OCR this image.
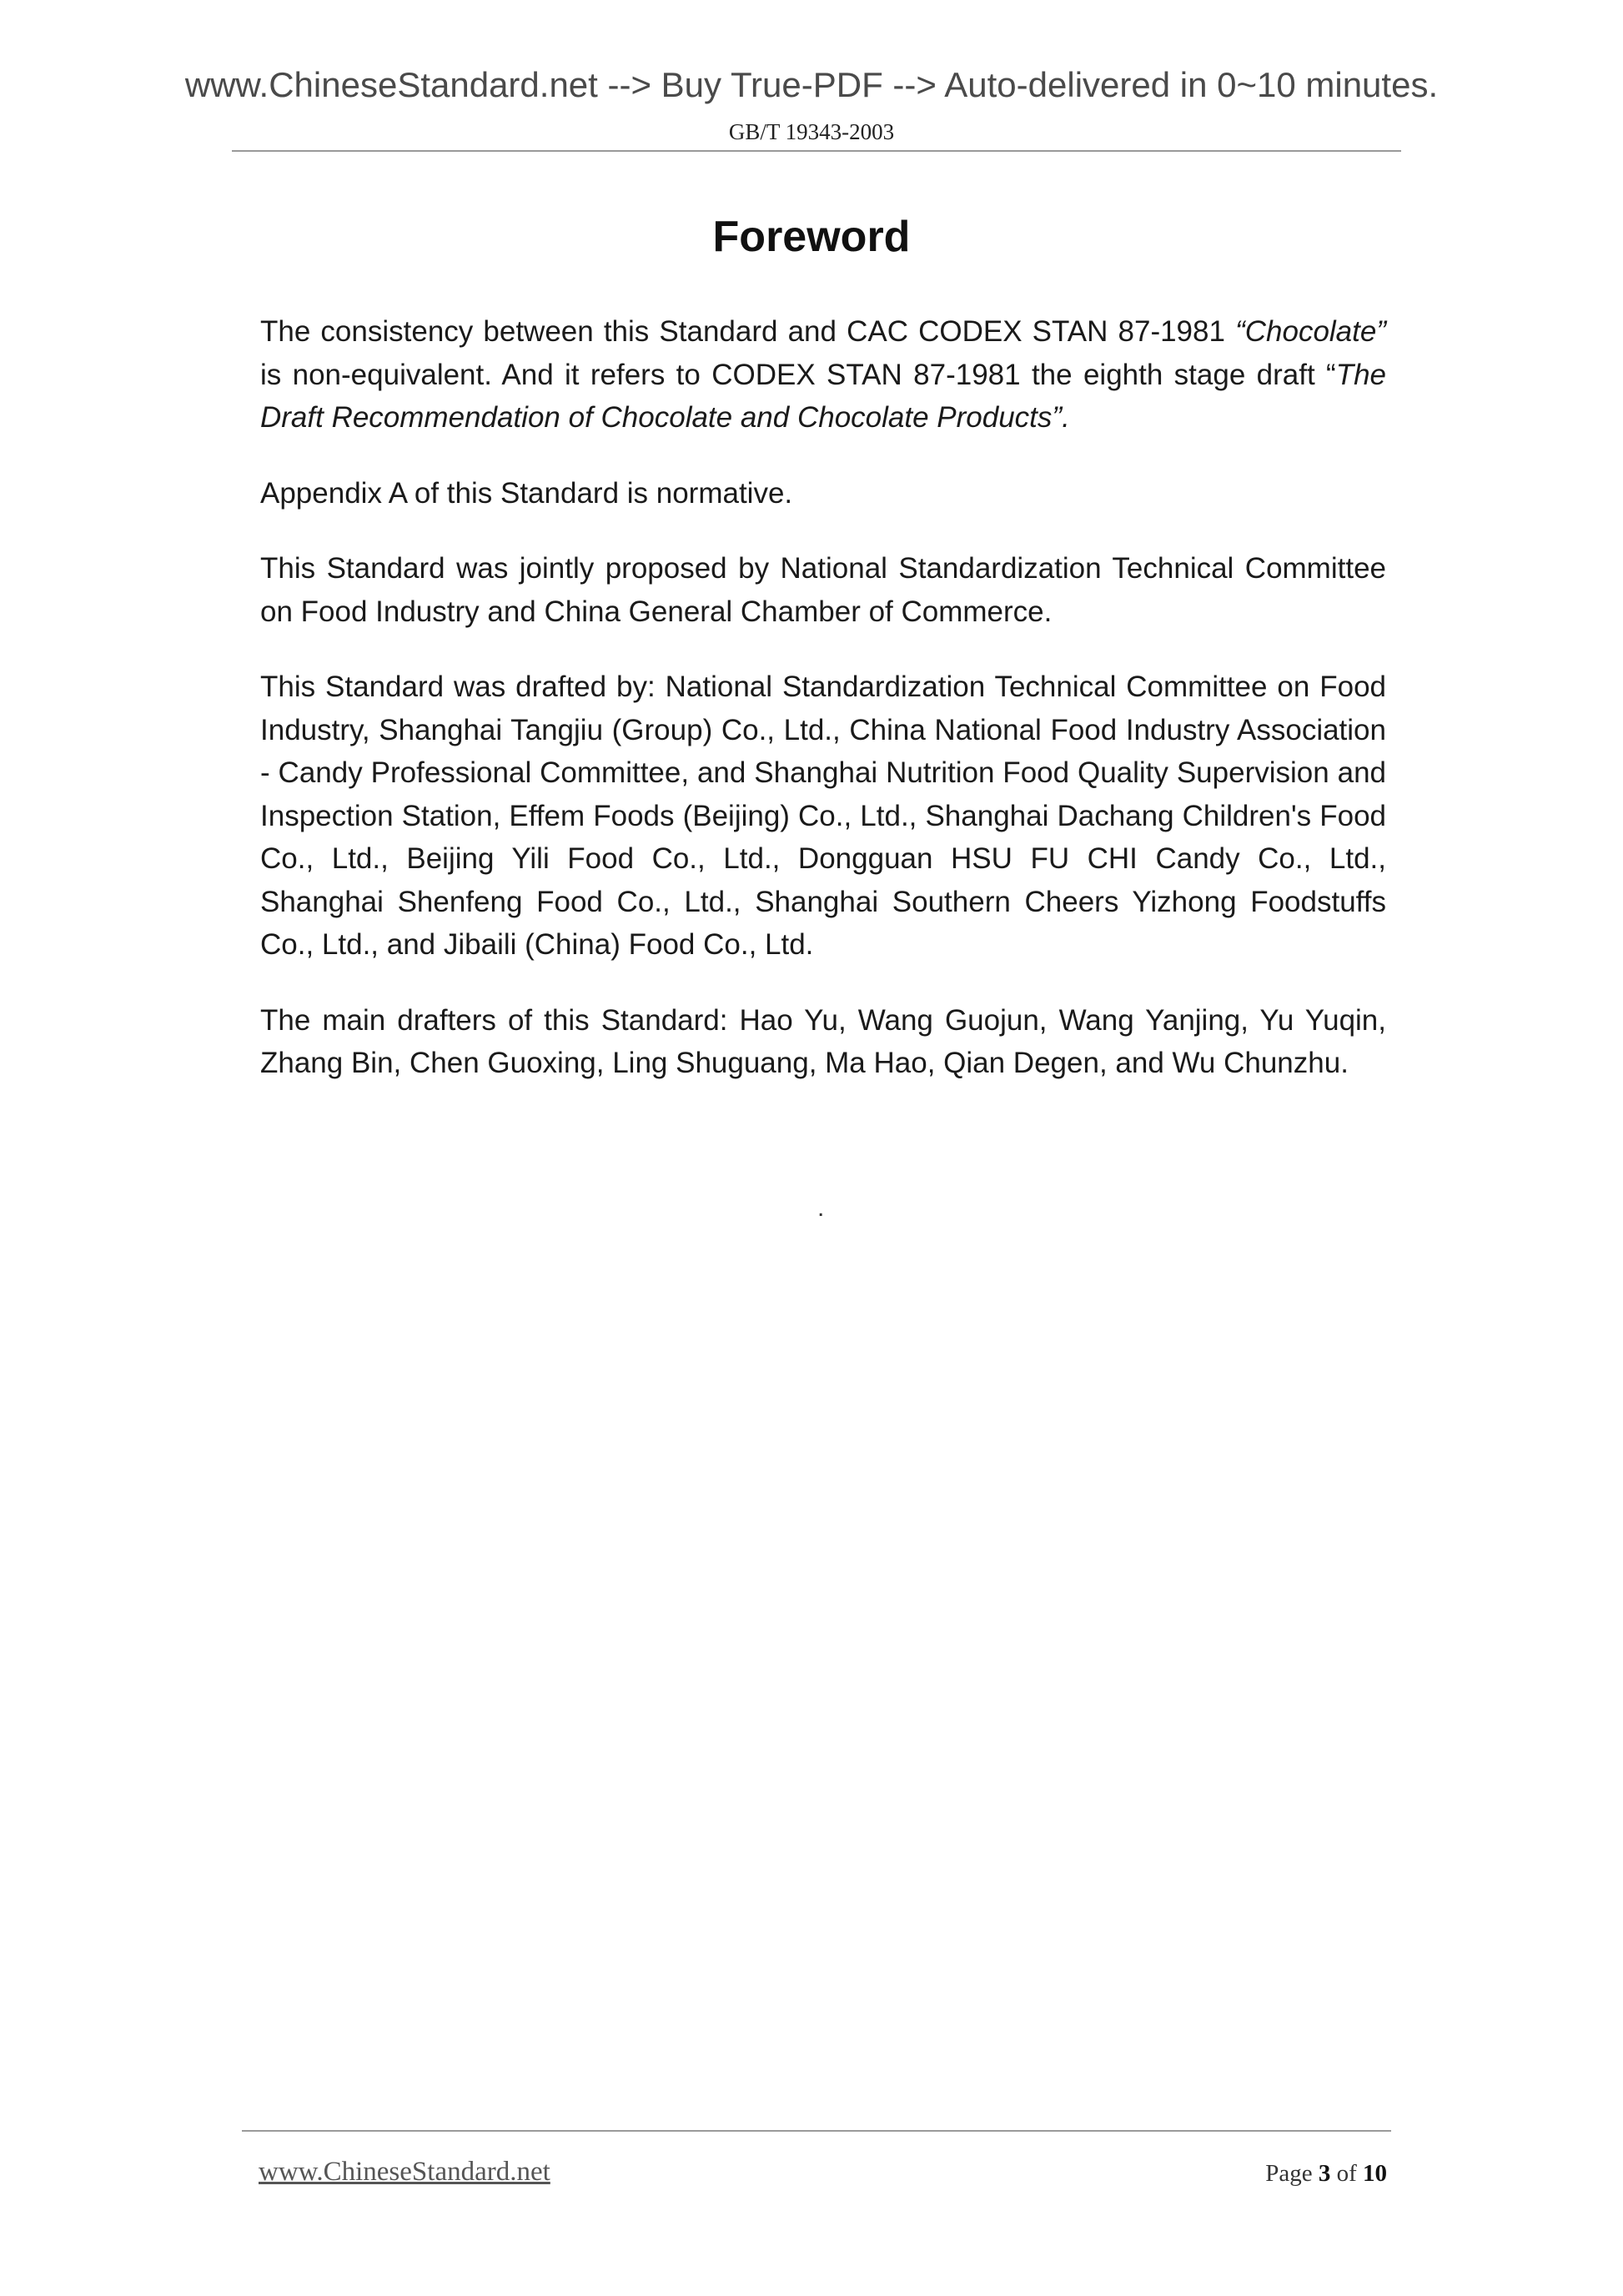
www.ChineseStandard.net --> Buy True-PDF --> Auto-delivered in 0~10 minutes.
GB/T 19343-2003
Foreword

The consistency between this Standard and CAC CODEX STAN 87-1981 “Chocolate” is non-equivalent. And it refers to CODEX STAN 87-1981 the eighth stage draft “The Draft Recommendation of Chocolate and Chocolate Products”.

Appendix A of this Standard is normative.

This Standard was jointly proposed by National Standardization Technical Committee on Food Industry and China General Chamber of Commerce.

This Standard was drafted by: National Standardization Technical Committee on Food Industry, Shanghai Tangjiu (Group) Co., Ltd., China National Food Industry Association - Candy Professional Committee, and Shanghai Nutrition Food Quality Supervision and Inspection Station, Effem Foods (Beijing) Co., Ltd., Shanghai Dachang Children's Food Co., Ltd., Beijing Yili Food Co., Ltd., Dongguan HSU FU CHI Candy Co., Ltd., Shanghai Shenfeng Food Co., Ltd., Shanghai Southern Cheers Yizhong Foodstuffs Co., Ltd., and Jibaili (China) Food Co., Ltd.

The main drafters of this Standard: Hao Yu, Wang Guojun, Wang Yanjing, Yu Yuqin, Zhang Bin, Chen Guoxing, Ling Shuguang, Ma Hao, Qian Degen, and Wu Chunzhu.

.
www.ChineseStandard.net	Page 3 of 10
